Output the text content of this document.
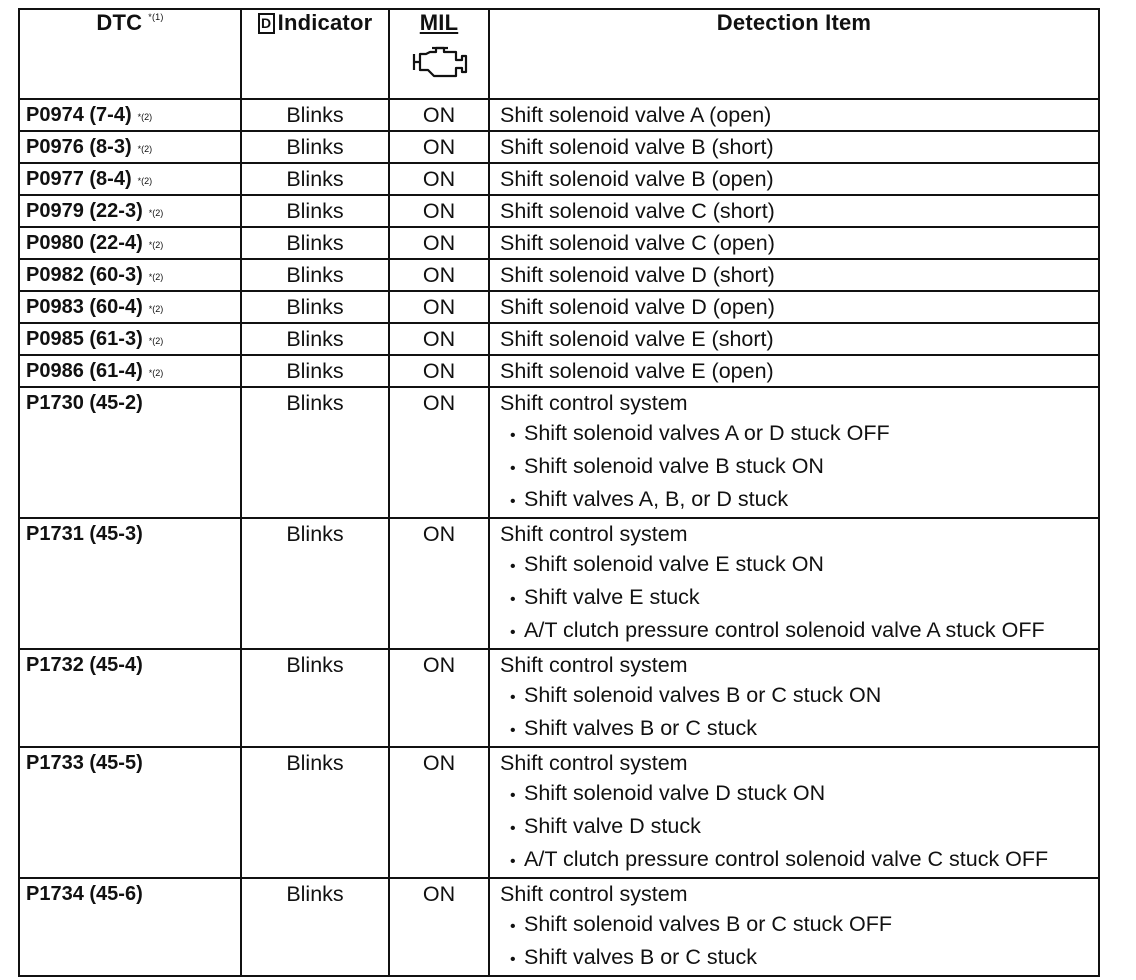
DTC $^{*(1)}$	D Indicator	MIL	Detection Item
P0974 (7-4) $^{*(2)}$	Blinks	ON	Shift solenoid valve A (open)
P0976 (8-3) $^{*(2)}$	Blinks	ON	Shift solenoid valve B (short)
P0977 (8-4) $^{*(2)}$	Blinks	ON	Shift solenoid valve B (open)
P0979 (22-3) $^{*(2)}$	Blinks	ON	Shift solenoid valve C (short)
P0980 (22-4) $^{*(2)}$	Blinks	ON	Shift solenoid valve C (open)
P0982 (60-3) $^{*(2)}$	Blinks	ON	Shift solenoid valve D (short)
P0983 (60-4) $^{*(2)}$	Blinks	ON	Shift solenoid valve D (open)
P0985 (61-3) $^{*(2)}$	Blinks	ON	Shift solenoid valve E (short)
P0986 (61-4) $^{*(2)}$	Blinks	ON	Shift solenoid valve E (open)
P1730 (45-2)	Blinks	ON	Shift control system
• Shift solenoid valves A or D stuck OFF
• Shift solenoid valve B stuck ON
• Shift valves A, B, or D stuck

P1731 (45-3)	Blinks	ON	Shift control system
• Shift solenoid valve E stuck ON
• Shift valve E stuck
• A/T clutch pressure control solenoid valve A stuck OFF

P1732 (45-4)	Blinks	ON	Shift control system
• Shift solenoid valves B or C stuck ON
• Shift valves B or C stuck

P1733 (45-5)	Blinks	ON	Shift control system
• Shift solenoid valve D stuck ON
• Shift valve D stuck
• A/T clutch pressure control solenoid valve C stuck OFF

P1734 (45-6)	Blinks	ON	Shift control system
• Shift solenoid valves B or C stuck OFF
• Shift valves B or C stuck
